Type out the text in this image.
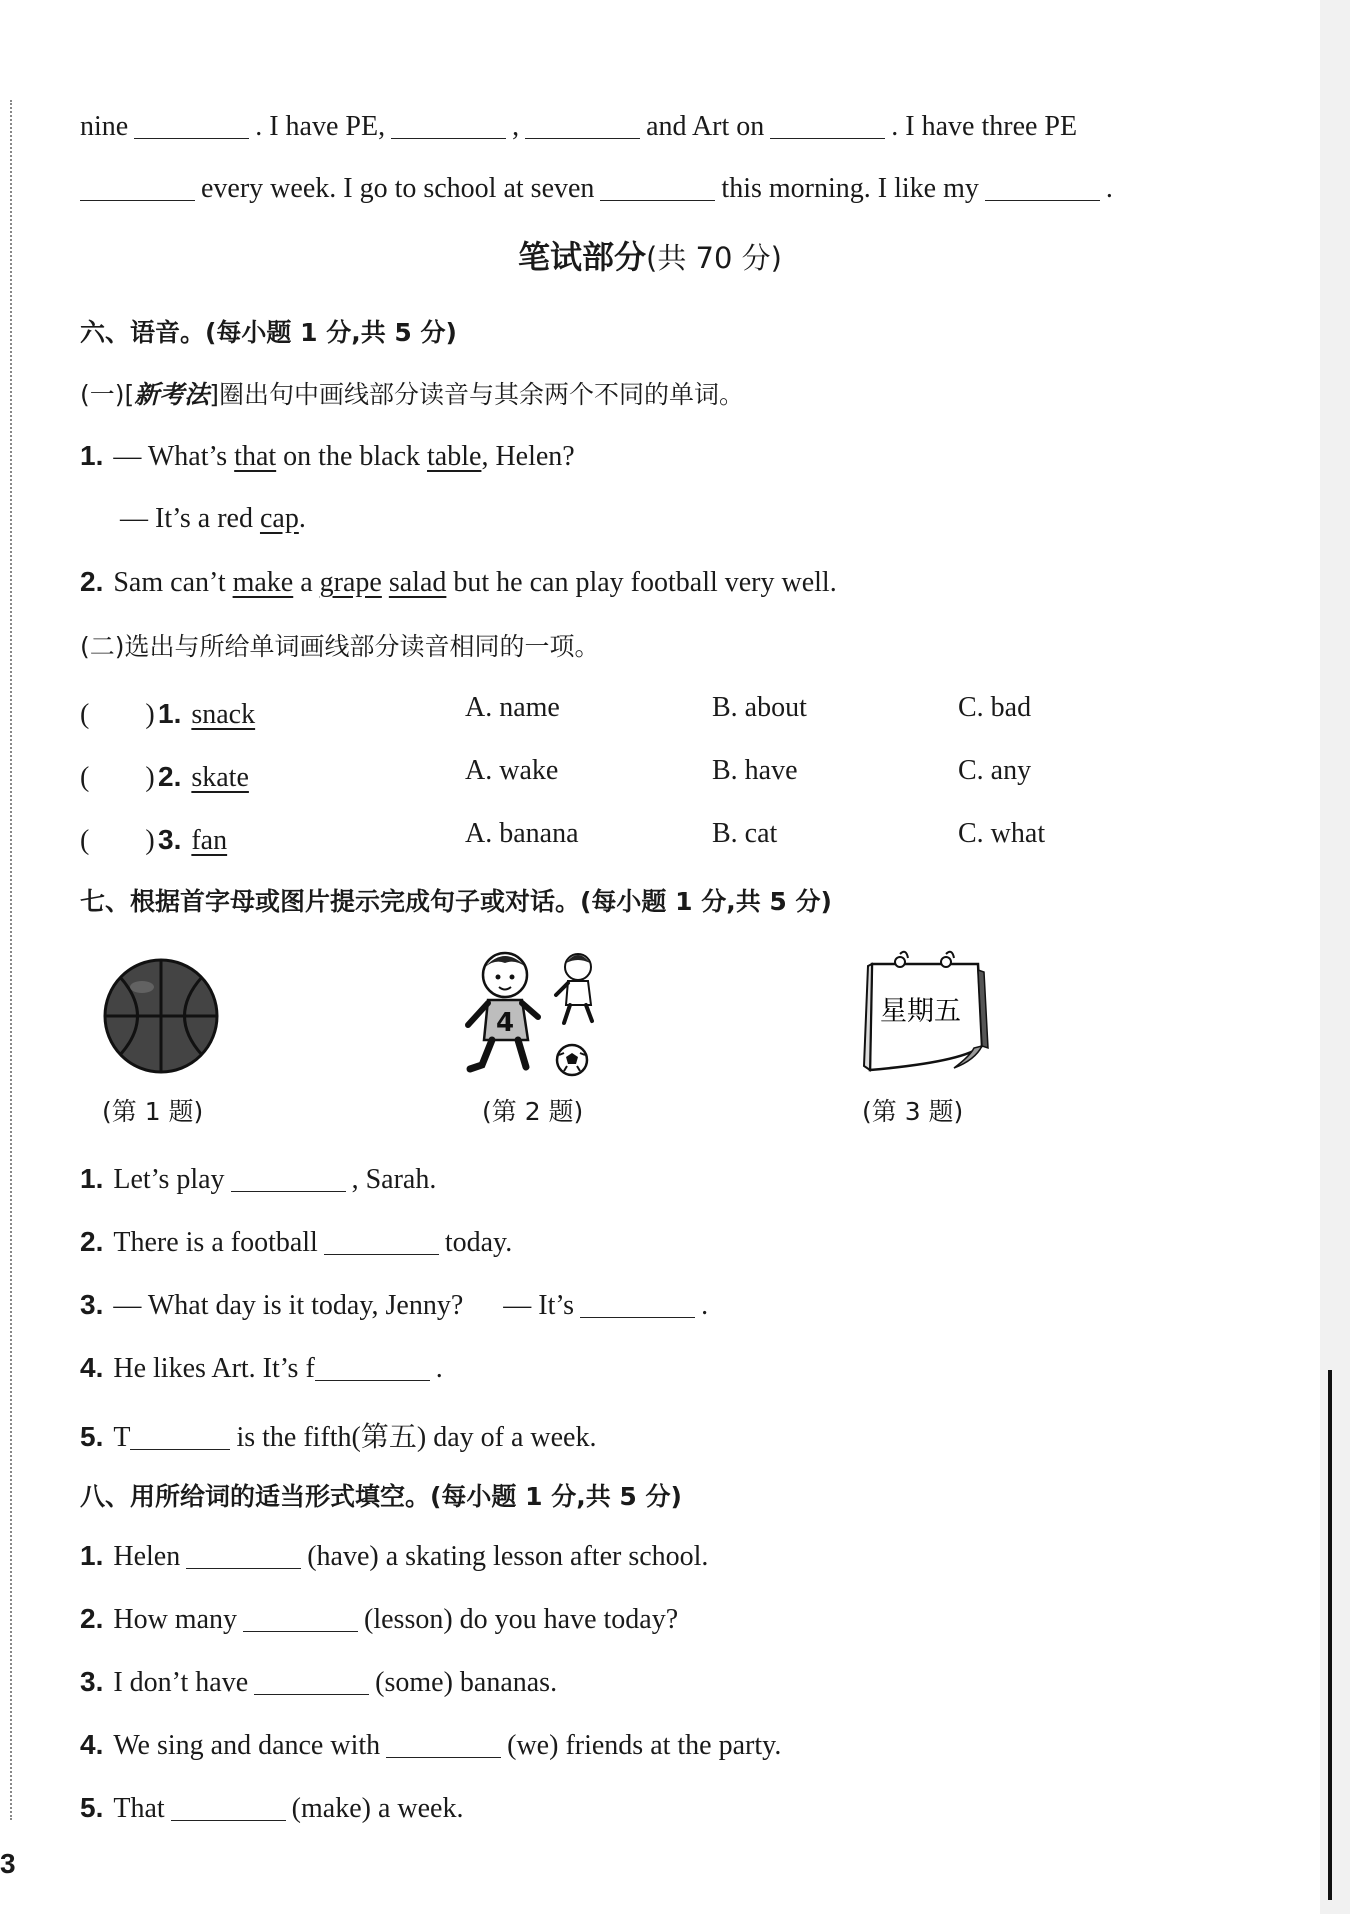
nine	. I have PE,	,	and Art on	. I have three PE
every week. I go to school at seven	this morning. I like my	.
笔试部分(共 70 分)
六、语音。(每小题 1 分,共 5 分)
(一)[新考法]圈出句中画线部分读音与其余两个不同的单词。
1. — What’s that on the black table, Helen?
— It’s a red cap.
2. Sam can’t make a grape salad but he can play football very well.
(二)选出与所给单词画线部分读音相同的一项。
(　　) 1. snack	A. name	B. about	C. bad
(　　) 2. skate	A. wake	B. have	C. any
(　　) 3. fan	A. banana	B. cat	C. what
七、根据首字母或图片提示完成句子或对话。(每小题 1 分,共 5 分)
(第 1 题)
4
(第 2 题)
星期五
(第 3 题)
1. Let’s play	, Sarah.
2. There is a football	today.
3. — What day is it today, Jenny? — It’s	.
4. He likes Art. It’s f	.
5. T	is the fifth(第五) day of a week.
八、用所给词的适当形式填空。(每小题 1 分,共 5 分)
1. Helen	(have) a skating lesson after school.
2. How many	(lesson) do you have today?
3. I don’t have	(some) bananas.
4. We sing and dance with	(we) friends at the party.
5. That	(make) a week.
3
